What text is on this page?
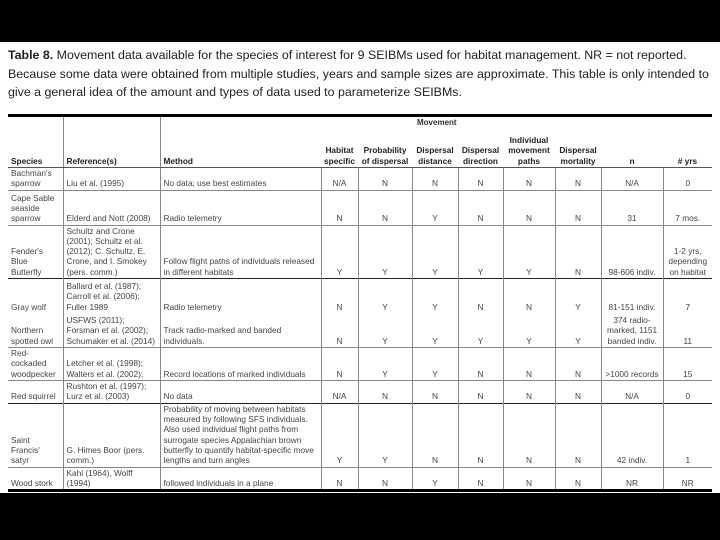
Table 8. Movement data available for the species of interest for 9 SEIBMs used for habitat management. NR = not reported. Because some data were obtained from multiple studies, years and sample sizes are approximate. This table is only intended to give a general idea of the amount and types of data used to parameterize SEIBMs.
Movement
Species	Reference(s)	Method	Habitat specific	Probability of dispersal	Dispersal distance	Dispersal direction	Individual movement paths	Dispersal mortality	n	# yrs
Bachman's sparrow	Liu et al. (1995)	No data; use best estimates	N/A	N	N	N	N	N	N/A	0
Cape Sable seaside sparrow	Elderd and Nott (2008)	Radio telemetry	N	N	Y	N	N	N	31	7 mos.
Fender's Blue Butterfly	Schultz and Crone (2001); Schultz et al. (2012); C. Schultz, E. Crone, and I. Smokey (pers. comm.)	Follow flight paths of individuals released in different habitats	Y	Y	Y	Y	Y	N	98-606 indiv.	1-2 yrs, depending on habitat
Gray wolf	Ballard et al. (1987); Carroll et al. (2006); Fuller 1989	Radio telemetry	N	Y	Y	N	N	Y	81-151 indiv.	7
Northern spotted owl	USFWS (2011); Forsman et al. (2002); Schumaker et al. (2014)	Track radio-marked and banded individuals.	N	Y	Y	Y	Y	Y	374 radio-marked, 1151 banded indiv.	11
Red-cockaded woodpecker	Letcher et al. (1998); Walters et al. (2002);	Record locations of marked individuals	N	Y	Y	N	N	N	>1000 records	15
Red squirrel	Rushton et al. (1997); Lurz et al. (2003)	No data	N/A	N	N	N	N	N	N/A	0
Saint Francis' satyr	G. Himes Boor (pers. comm.)	Probability of moving between habitats measured by following SFS individuals. Also used individual flight paths from surrogate species Appalachian brown butterfly to quantify habitat-specific move lengths and turn angles	Y	Y	N	N	N	N	42 indiv.	1
Wood stork	Kahl (1964), Wolff (1994)	followed individuals in a plane	N	N	Y	N	N	N	NR	NR
